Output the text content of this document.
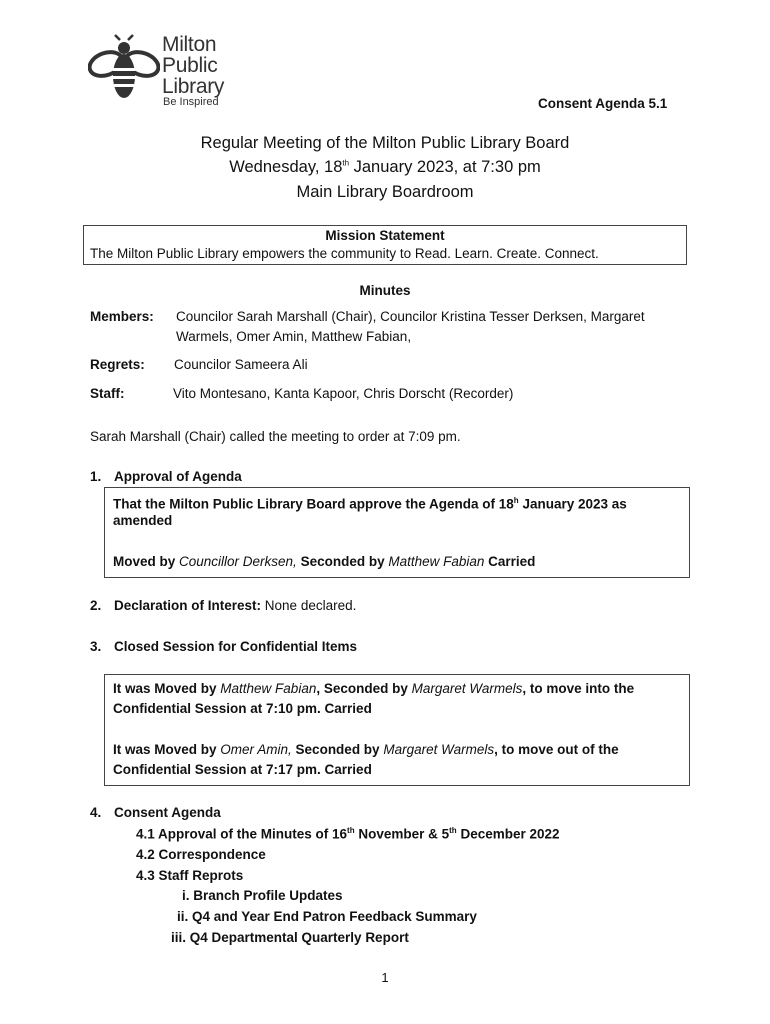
Milton
Public
Library
Be Inspired	Consent Agenda 5.1
Regular Meeting of the Milton Public Library Board
Wednesday, 18th January 2023, at 7:30 pm
Main Library Boardroom
Mission Statement
The Milton Public Library empowers the community to Read. Learn. Create. Connect.
Minutes
Members: Councilor Sarah Marshall (Chair), Councilor Kristina Tesser Derksen, Margaret
Warmels, Omer Amin, Matthew Fabian,
Regrets: Councilor Sameera Ali
Staff:	Vito Montesano, Kanta Kapoor, Chris Dorscht (Recorder)
Sarah Marshall (Chair) called the meeting to order at 7:09 pm.
1. Approval of Agenda
That the Milton Public Library Board approve the Agenda of 18$^h$ January 2023 as
amended
Moved by Councillor Derksen, Seconded by Matthew Fabian Carried
2. Declaration of Interest: None declared.
3. Closed Session for Confidential Items
It was Moved by Matthew Fabian, Seconded by Margaret Warmels, to move into the
Confidential Session at 7:10 pm. Carried
It was Moved by Omer Amin, Seconded by Margaret Warmels, to move out of the
Confidential Session at 7:17 pm. Carried
4. Consent Agenda
4.1 Approval of the Minutes of 16th November & 5th December 2022
4.2 Correspondence
4.3 Staff Reprots
i. Branch Profile Updates
ii. Q4 and Year End Patron Feedback Summary
iii. Q4 Departmental Quarterly Report
1
